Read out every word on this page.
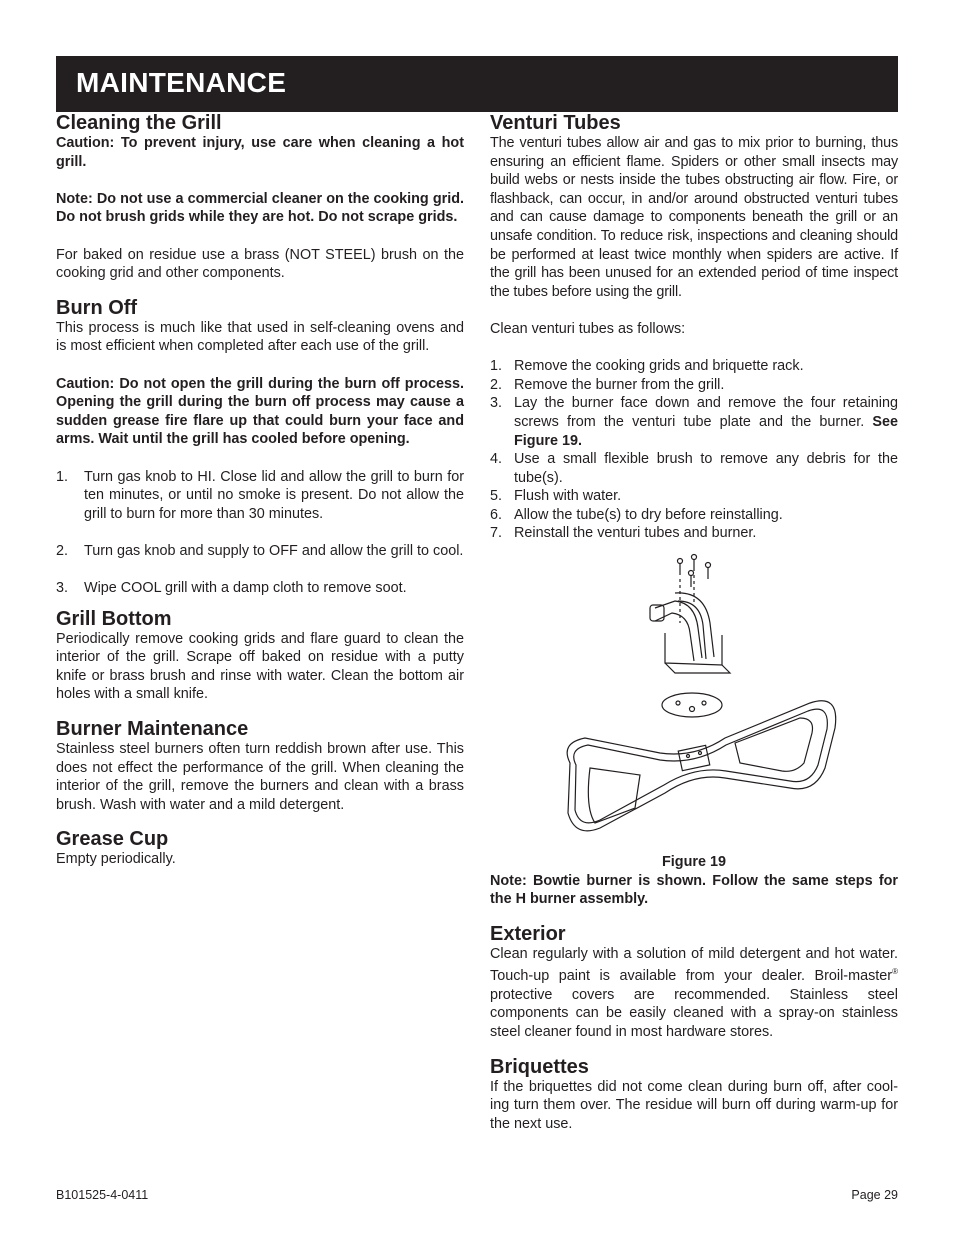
MAINTENANCE
Cleaning the Grill

Caution: To prevent injury, use care when cleaning a hot grill.

Note: Do not use a commercial cleaner on the cooking grid. Do not brush grids while they are hot. Do not scrape grids.

For baked on residue use a brass (NOT STEEL) brush on the cooking grid and other components.

Burn Off

This process is much like that used in self-cleaning ovens and is most efficient when completed after each use of the grill.

Caution: Do not open the grill during the burn off process. Opening the grill during the burn off process may cause a sudden grease fire flare up that could burn your face and arms. Wait until the grill has cooled before opening.

1. Turn gas knob to HI. Close lid and allow the grill to burn for ten minutes, or until no smoke is present. Do not allow the grill to burn for more than 30 minutes.
2. Turn gas knob and supply to OFF and allow the grill to cool.
3. Wipe COOL grill with a damp cloth to remove soot.
Grill Bottom

Periodically remove cooking grids and flare guard to clean the interior of the grill. Scrape off baked on residue with a putty knife or brass brush and rinse with water. Clean the bottom air holes with a small knife.

Burner Maintenance

Stainless steel burners often turn reddish brown after use. This does not effect the performance of the grill. When cleaning the interior of the grill, remove the burners and clean with a brass brush. Wash with water and a mild detergent.

Grease Cup

Empty periodically.

Venturi Tubes

The venturi tubes allow air and gas to mix prior to burning, thus ensuring an efficient flame. Spiders or other small insects may build webs or nests inside the tubes obstructing air flow. Fire, or flashback, can occur, in and/or around obstructed venturi tubes and can cause damage to components beneath the grill or an unsafe condition. To reduce risk, inspections and cleaning should be performed at least twice monthly when spiders are active. If the grill has been unused for an extended period of time inspect the tubes before using the grill.

Clean venturi tubes as follows:

1. Remove the cooking grids and briquette rack.
2. Remove the burner from the grill.
3. Lay the burner face down and remove the four retaining screws from the venturi tube plate and the burner. See Figure 19.
4. Use a small flexible brush to remove any debris for the tube(s).
5. Flush with water.
6. Allow the tube(s) to dry before reinstalling.
7. Reinstall the venturi tubes and burner.
Figure 19

Note: Bowtie burner is shown. Follow the same steps for the H burner assembly.

Exterior

Clean regularly with a solution of mild detergent and hot water. Touch-up paint is available from your dealer. Broil-master® protective covers are recommended. Stainless steel components can be easily cleaned with a spray-on stainless steel cleaner found in most hardware stores.

Briquettes

If the briquettes did not come clean during burn off, after cool-ing turn them over. The residue will burn off during warm-up for the next use.

B101525-4-0411	Page 29
